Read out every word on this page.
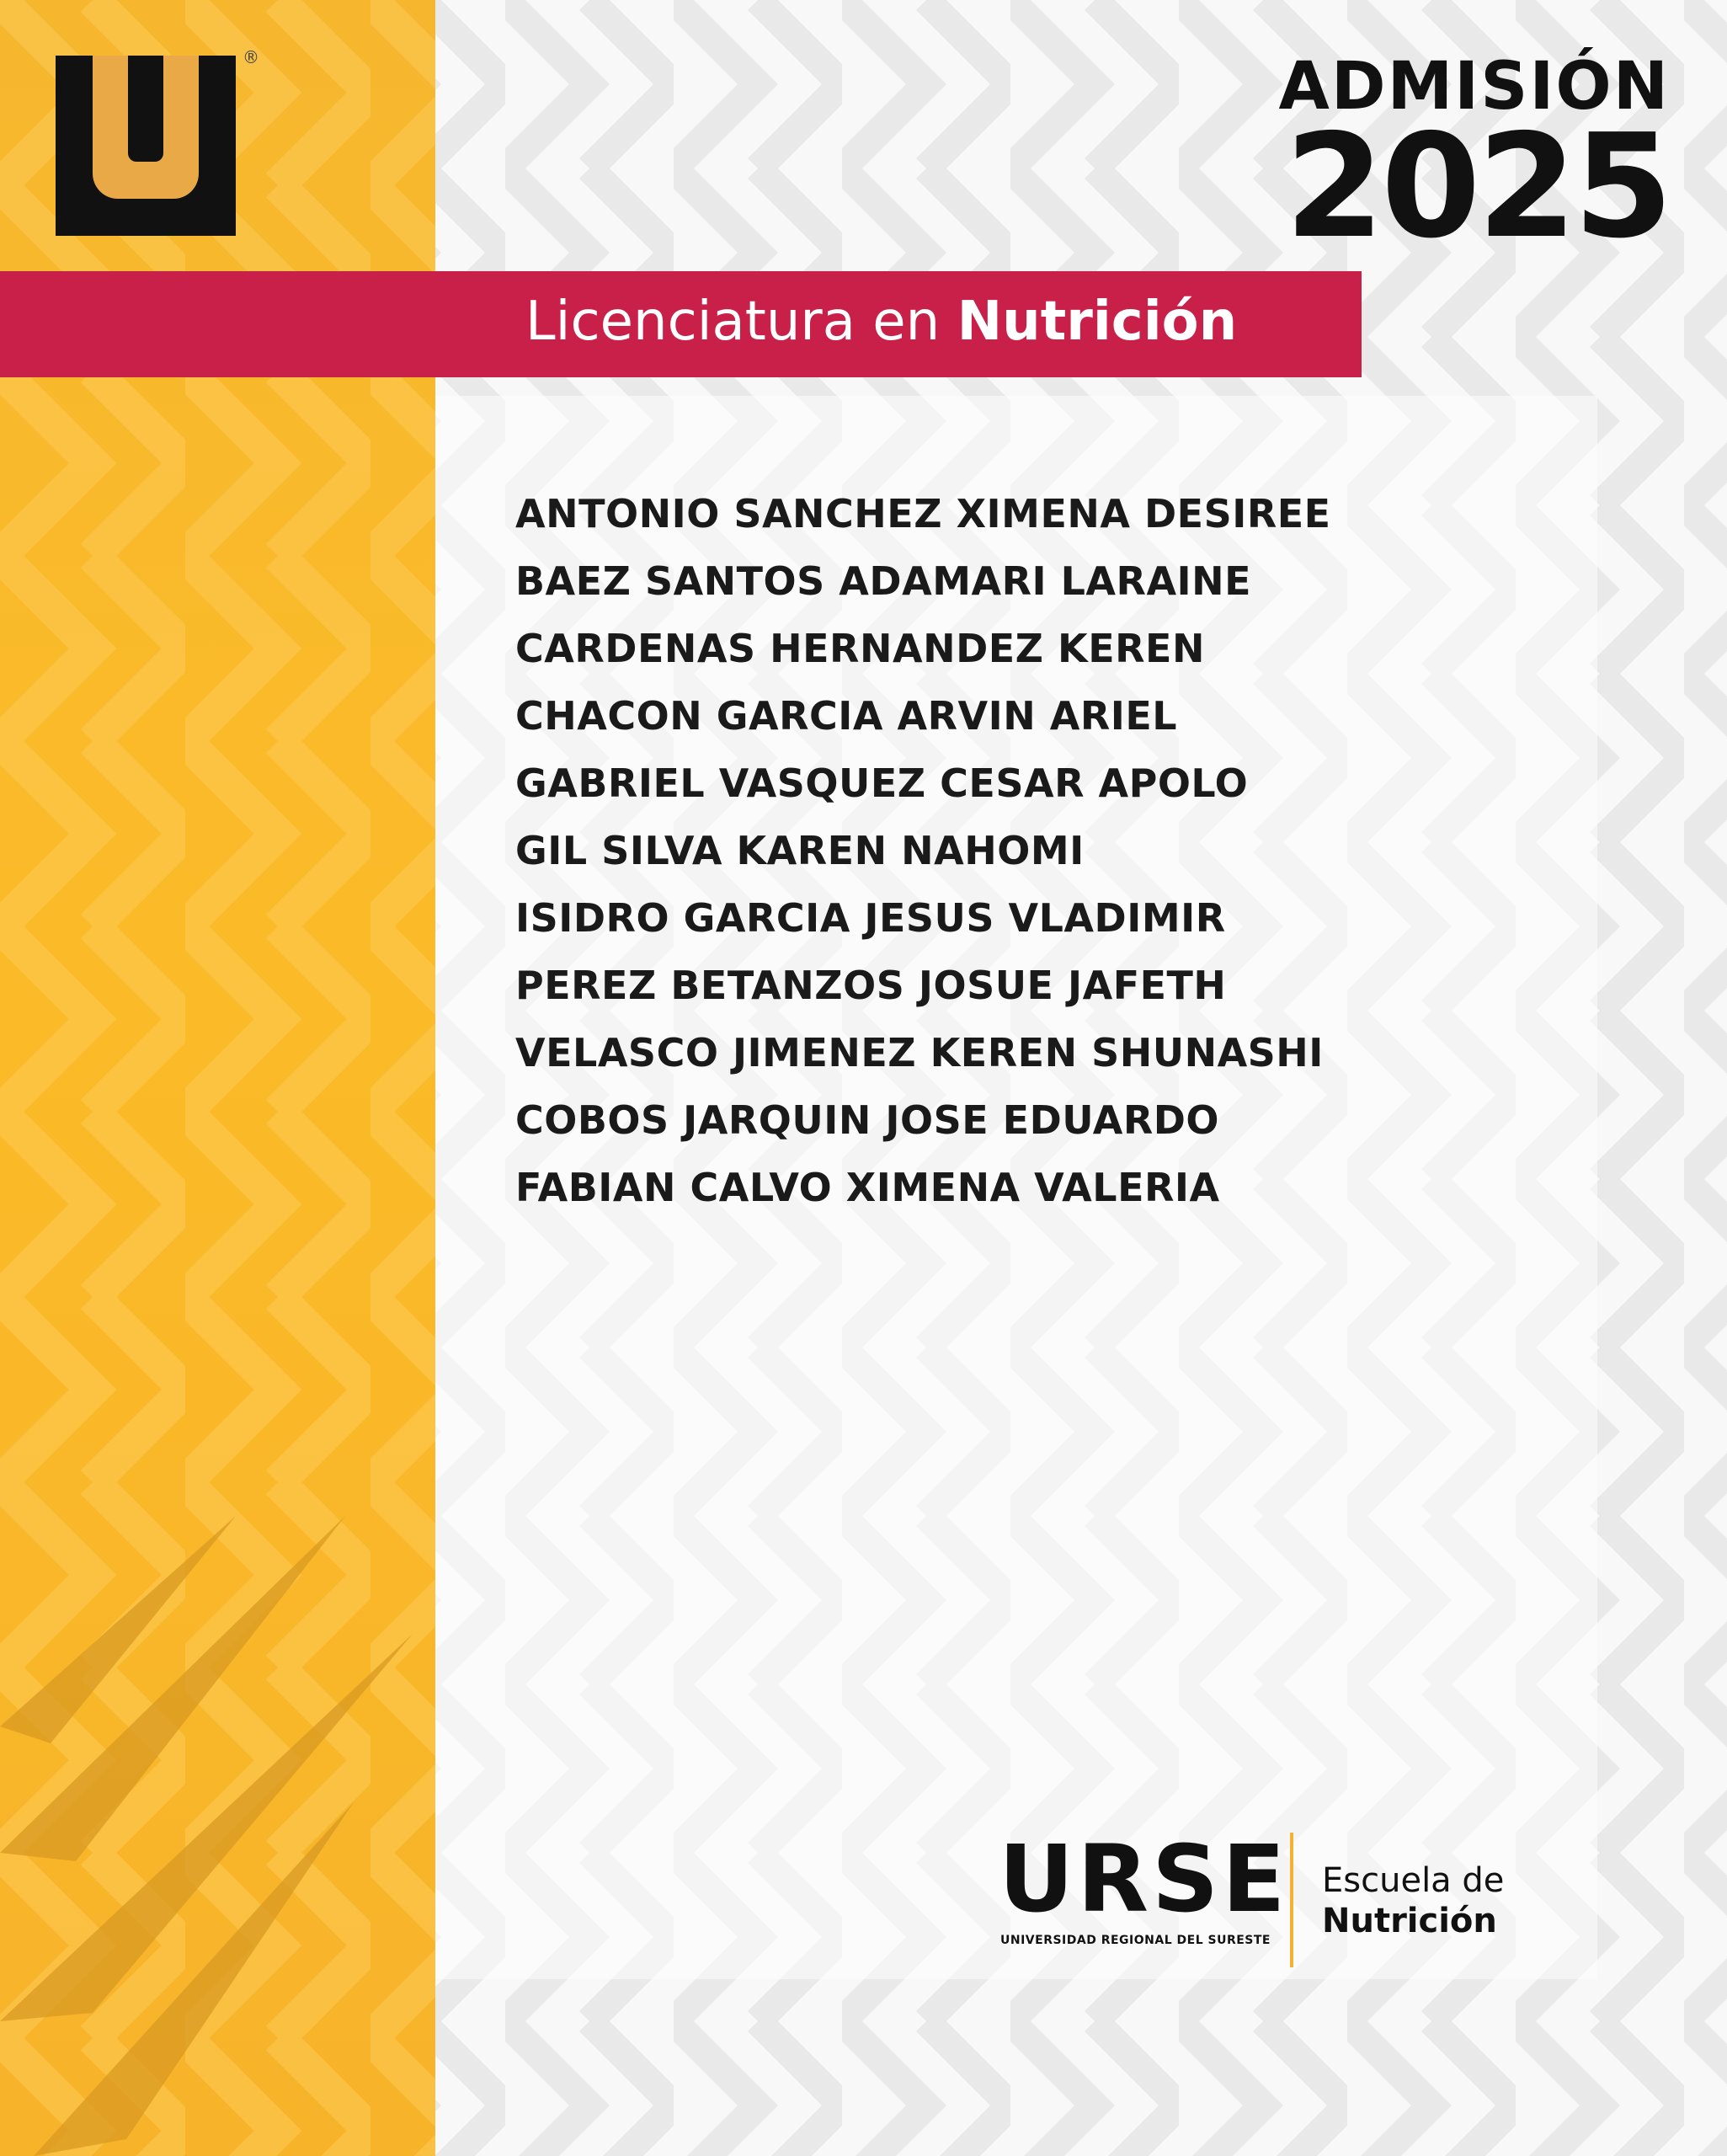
®	ADMISIÓN
2025
Licenciatura en Nutrición
ANTONIO SANCHEZ XIMENA DESIREE
BAEZ SANTOS ADAMARI LARAINE
CARDENAS HERNANDEZ KEREN
CHACON GARCIA ARVIN ARIEL
GABRIEL VASQUEZ CESAR APOLO
GIL SILVA KAREN NAHOMI
ISIDRO GARCIA JESUS VLADIMIR
PEREZ BETANZOS JOSUE JAFETH
VELASCO JIMENEZ KEREN SHUNASHI
COBOS JARQUIN JOSE EDUARDO
FABIAN CALVO XIMENA VALERIA
URSE
UNIVERSIDAD REGIONAL DEL SURESTE
Escuela de
Nutrición
